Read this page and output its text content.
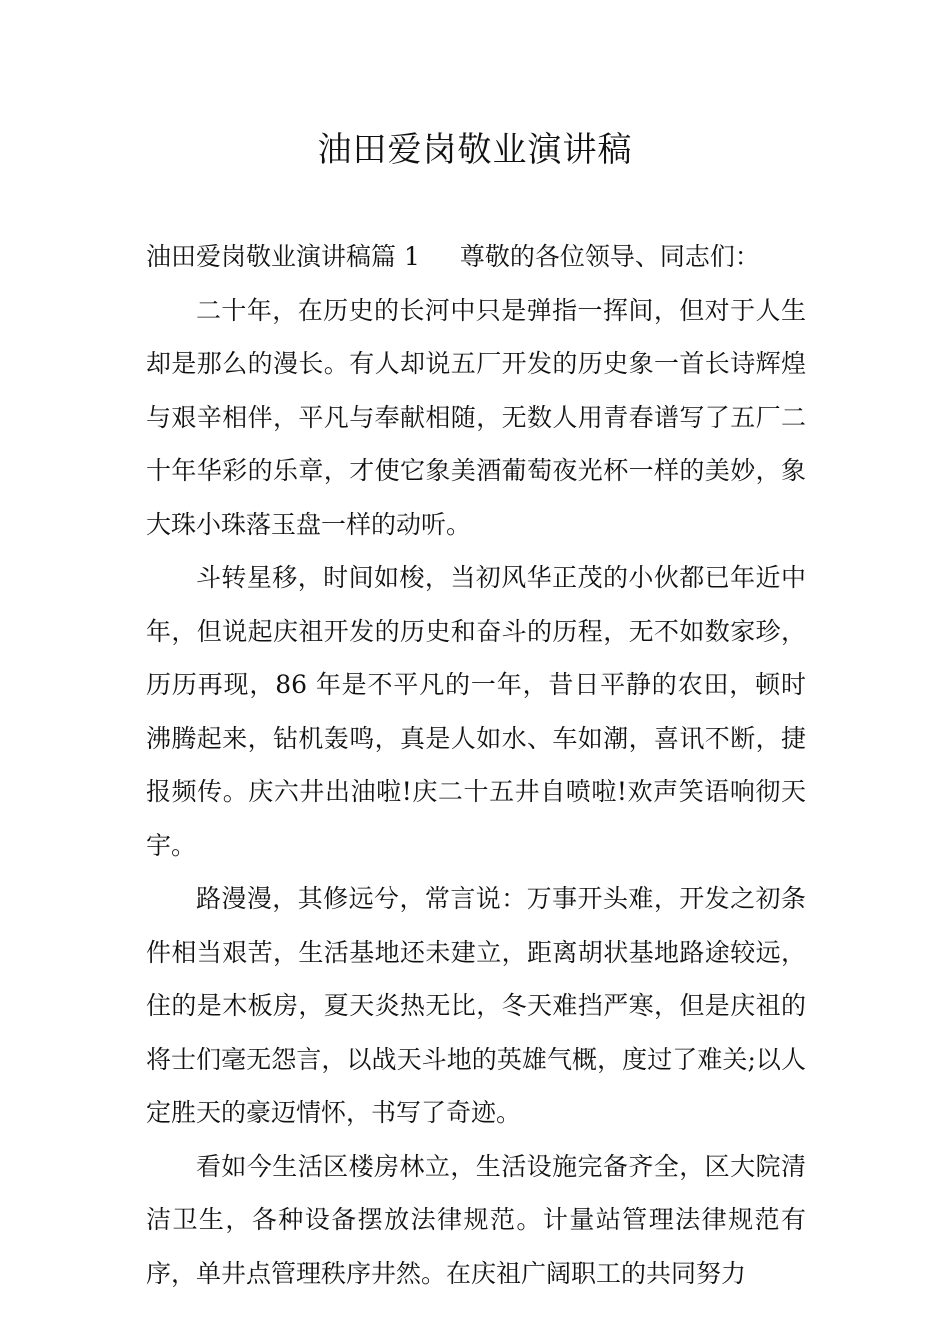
油田爱岗敬业演讲稿

油田爱岗敬业演讲稿篇 1 尊敬的各位领导、同志们：

二十年，在历史的长河中只是弹指一挥间，但对于人生却是那么的漫长。有人却说五厂开发的历史象一首长诗辉煌与艰辛相伴，平凡与奉献相随，无数人用青春谱写了五厂二十年华彩的乐章，才使它象美酒葡萄夜光杯一样的美妙，象大珠小珠落玉盘一样的动听。

斗转星移，时间如梭，当初风华正茂的小伙都已年近中年，但说起庆祖开发的历史和奋斗的历程，无不如数家珍，历历再现，86 年是不平凡的一年，昔日平静的农田，顿时沸腾起来，钻机轰鸣，真是人如水、车如潮，喜讯不断，捷报频传。庆六井出油啦!庆二十五井自喷啦!欢声笑语响彻天宇。

路漫漫，其修远兮，常言说：万事开头难，开发之初条件相当艰苦，生活基地还未建立，距离胡状基地路途较远，住的是木板房，夏天炎热无比，冬天难挡严寒，但是庆祖的将士们毫无怨言，以战天斗地的英雄气概，度过了难关;以人定胜天的豪迈情怀，书写了奇迹。

看如今生活区楼房林立，生活设施完备齐全，区大院清洁卫生，各种设备摆放法律规范。计量站管理法律规范有序，单井点管理秩序井然。在庆祖广阔职工的共同努力
